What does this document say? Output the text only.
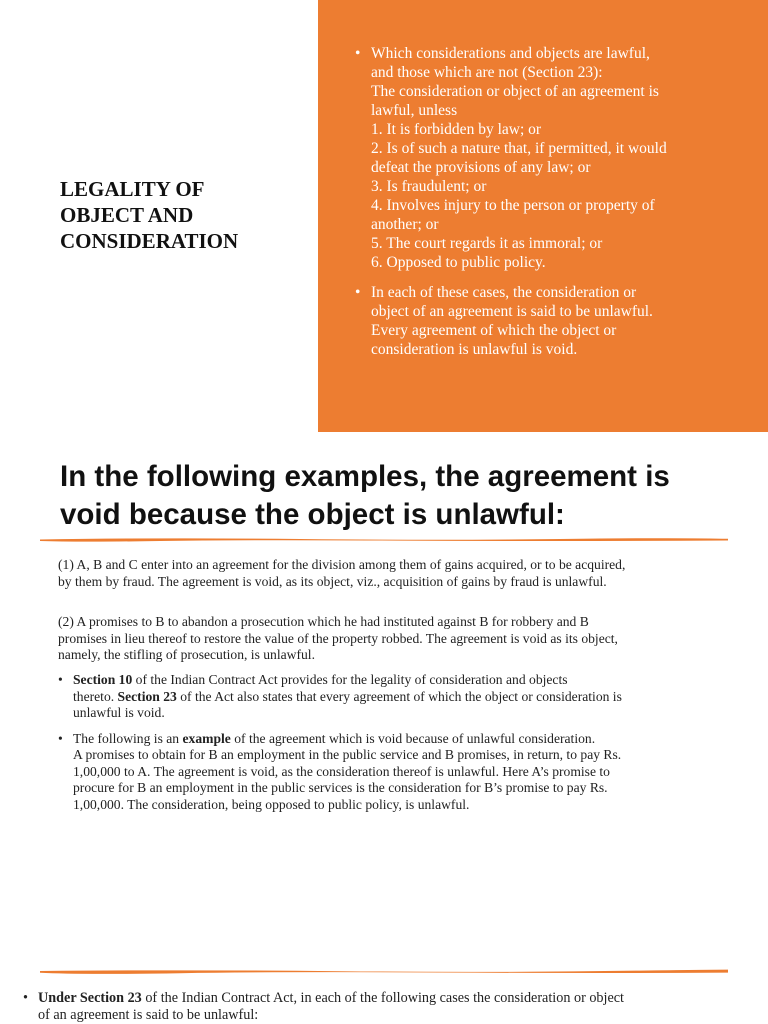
LEGALITY OF
OBJECT AND
CONSIDERATION
• Which considerations and objects are lawful,
and those which are not (Section 23):
The consideration or object of an agreement is
lawful, unless
1. It is forbidden by law; or
2. Is of such a nature that, if permitted, it would
defeat the provisions of any law; or
3. Is fraudulent; or
4. Involves injury to the person or property of
another; or
5. The court regards it as immoral; or
6. Opposed to public policy.
• In each of these cases, the consideration or
object of an agreement is said to be unlawful.
Every agreement of which the object or
consideration is unlawful is void.
In the following examples, the agreement is
void because the object is unlawful:
(1) A, B and C enter into an agreement for the division among them of gains acquired, or to be acquired,
by them by fraud. The agreement is void, as its object, viz., acquisition of gains by fraud is unlawful.
(2) A promises to B to abandon a prosecution which he had instituted against B for robbery and B
promises in lieu thereof to restore the value of the property robbed. The agreement is void as its object,
namely, the stifling of prosecution, is unlawful.
• Section 10 of the Indian Contract Act provides for the legality of consideration and objects
thereto. Section 23 of the Act also states that every agreement of which the object or consideration is
unlawful is void.
• The following is an example of the agreement which is void because of unlawful consideration.
A promises to obtain for B an employment in the public service and B promises, in return, to pay Rs.
1,00,000 to A. The agreement is void, as the consideration thereof is unlawful. Here A’s promise to
procure for B an employment in the public services is the consideration for B’s promise to pay Rs.
1,00,000. The consideration, being opposed to public policy, is unlawful.
• Under Section 23 of the Indian Contract Act, in each of the following cases the consideration or object
of an agreement is said to be unlawful:
